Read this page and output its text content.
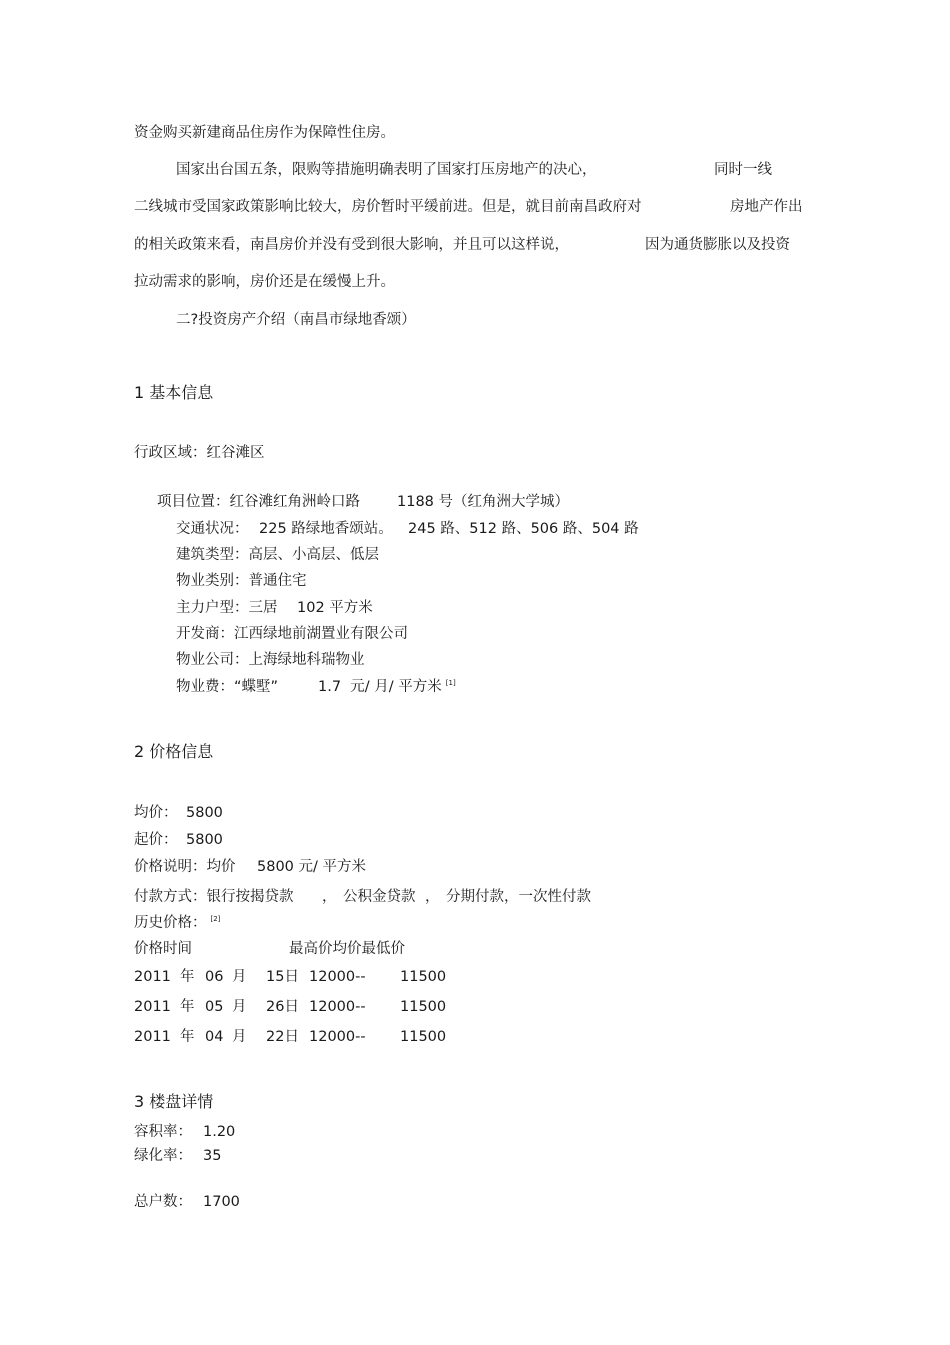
资金购买新建商品住房作为保障性住房。
国家出台国五条，限购等措施明确表明了国家打压房地产的决心，	同时一线
二线城市受国家政策影响比较大，房价暂时平缓前进。但是，就目前南昌政府对	房地产作出
的相关政策来看，南昌房价并没有受到很大影响，并且可以这样说，	因为通货膨胀以及投资
拉动需求的影响，房价还是在缓慢上升。
二?投资房产介绍（南昌市绿地香颂）
1 基本信息
行政区域：红谷滩区
项目位置：红谷滩红角洲岭口路	1188 号（红角洲大学城）
交通状况： 225 路绿地香颂站。 245 路、512 路、506 路、504 路
建筑类型：高层、小高层、低层
物业类别：普通住宅
主力户型：三居 102 平方米
开发商：江西绿地前湖置业有限公司
物业公司：上海绿地科瑞物业
物业费：“蝶墅”	1.7  元/ 月/ 平方米 [1]
2 价格信息
均价： 5800
起价： 5800
价格说明：均价 5800 元/ 平方米
付款方式：银行按揭贷款 ， 公积金贷款 ， 分期付款，一次性付款
历史价格： [2]
价格时间	最高价均价最低价
2011 年 06 月 15日 12000-- 11500
2011 年 05 月 26日 12000-- 11500
2011 年 04 月 22日 12000-- 11500
3 楼盘详情
容积率： 1.20
绿化率： 35
总户数： 1700
